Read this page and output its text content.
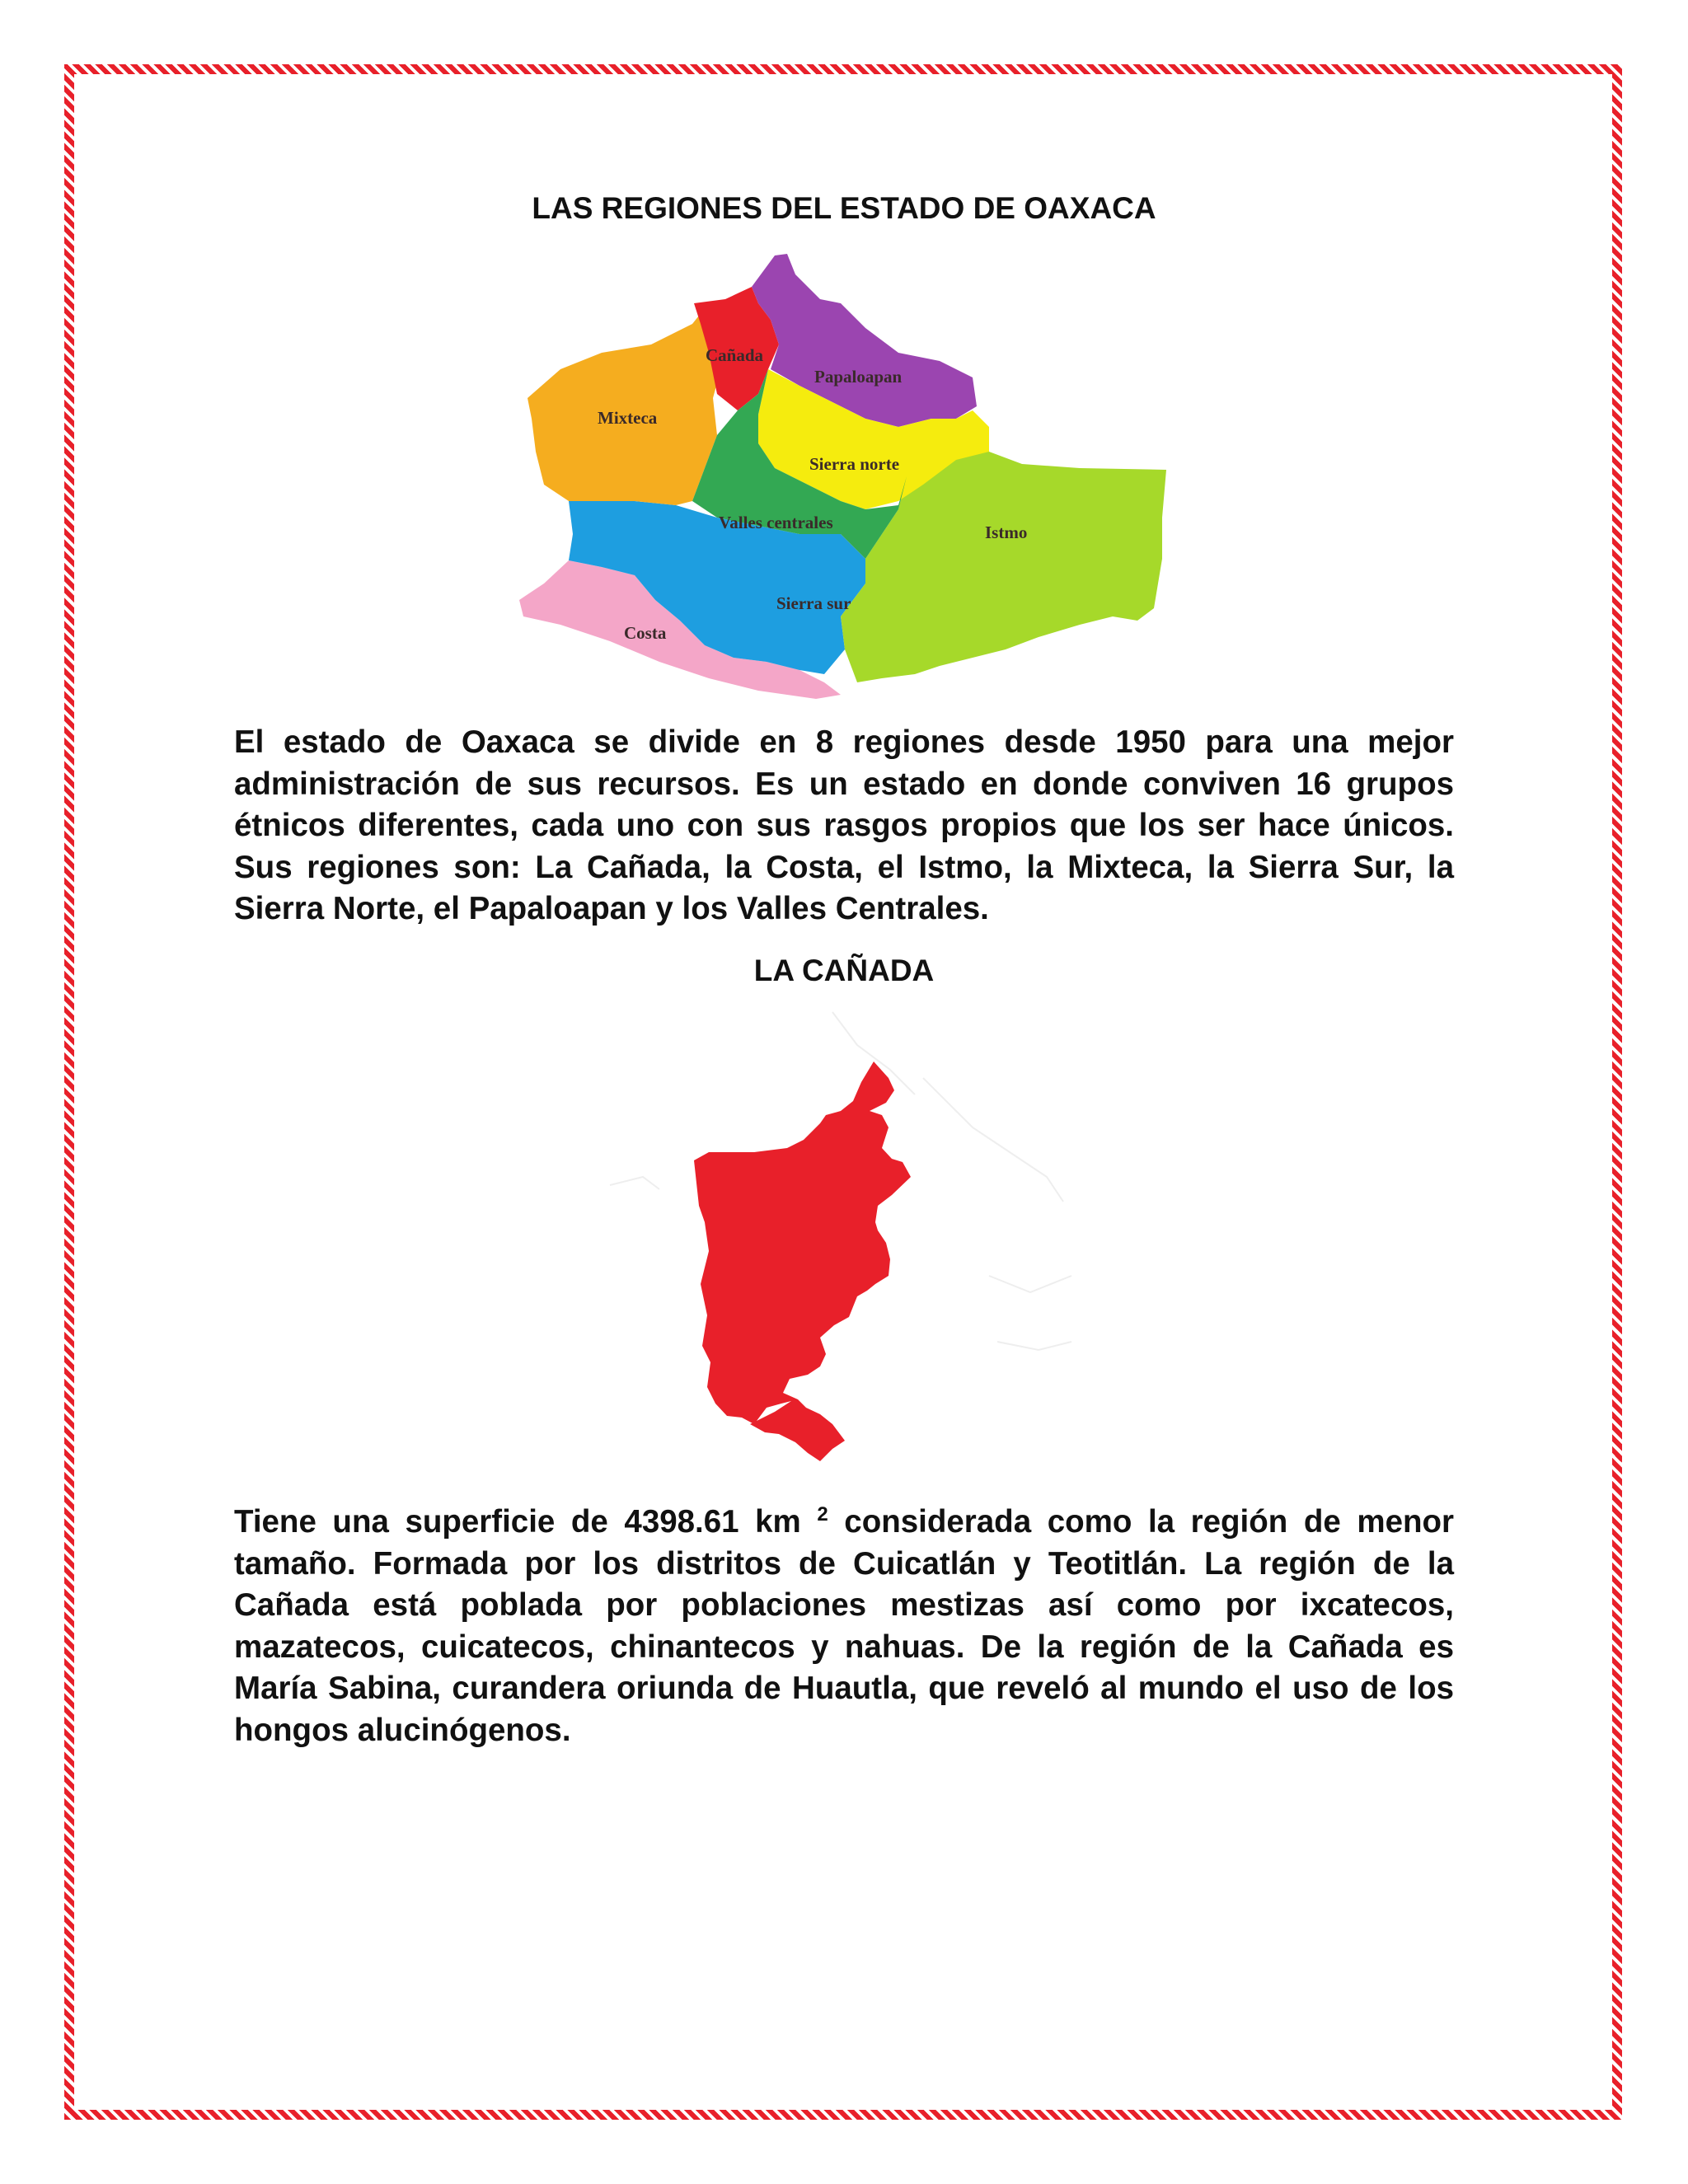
LAS REGIONES DEL ESTADO DE OAXACA
Cañada
Papaloapan
Mixteca
Sierra norte
Valles centrales	Istmo
Sierra sur
Costa

El estado de Oaxaca se divide en 8 regiones desde 1950 para una mejor administración de sus recursos. Es un estado en donde conviven 16 grupos étnicos diferentes, cada uno con sus rasgos propios que los ser hace únicos. Sus regiones son: La Cañada, la Costa, el Istmo, la Mixteca, la Sierra Sur, la Sierra Norte, el Papaloapan y los Valles Centrales.

LA CAÑADA

Tiene una superficie de 4398.61 km $^2$ considerada como la región de menor tamaño. Formada por los distritos de Cuicatlán y Teotitlán. La región de la Cañada está poblada por poblaciones mestizas así como por ixcatecos, mazatecos, cuicatecos, chinantecos y nahuas. De la región de la Cañada es María Sabina, curandera oriunda de Huautla, que reveló al mundo el uso de los hongos alucinógenos.
